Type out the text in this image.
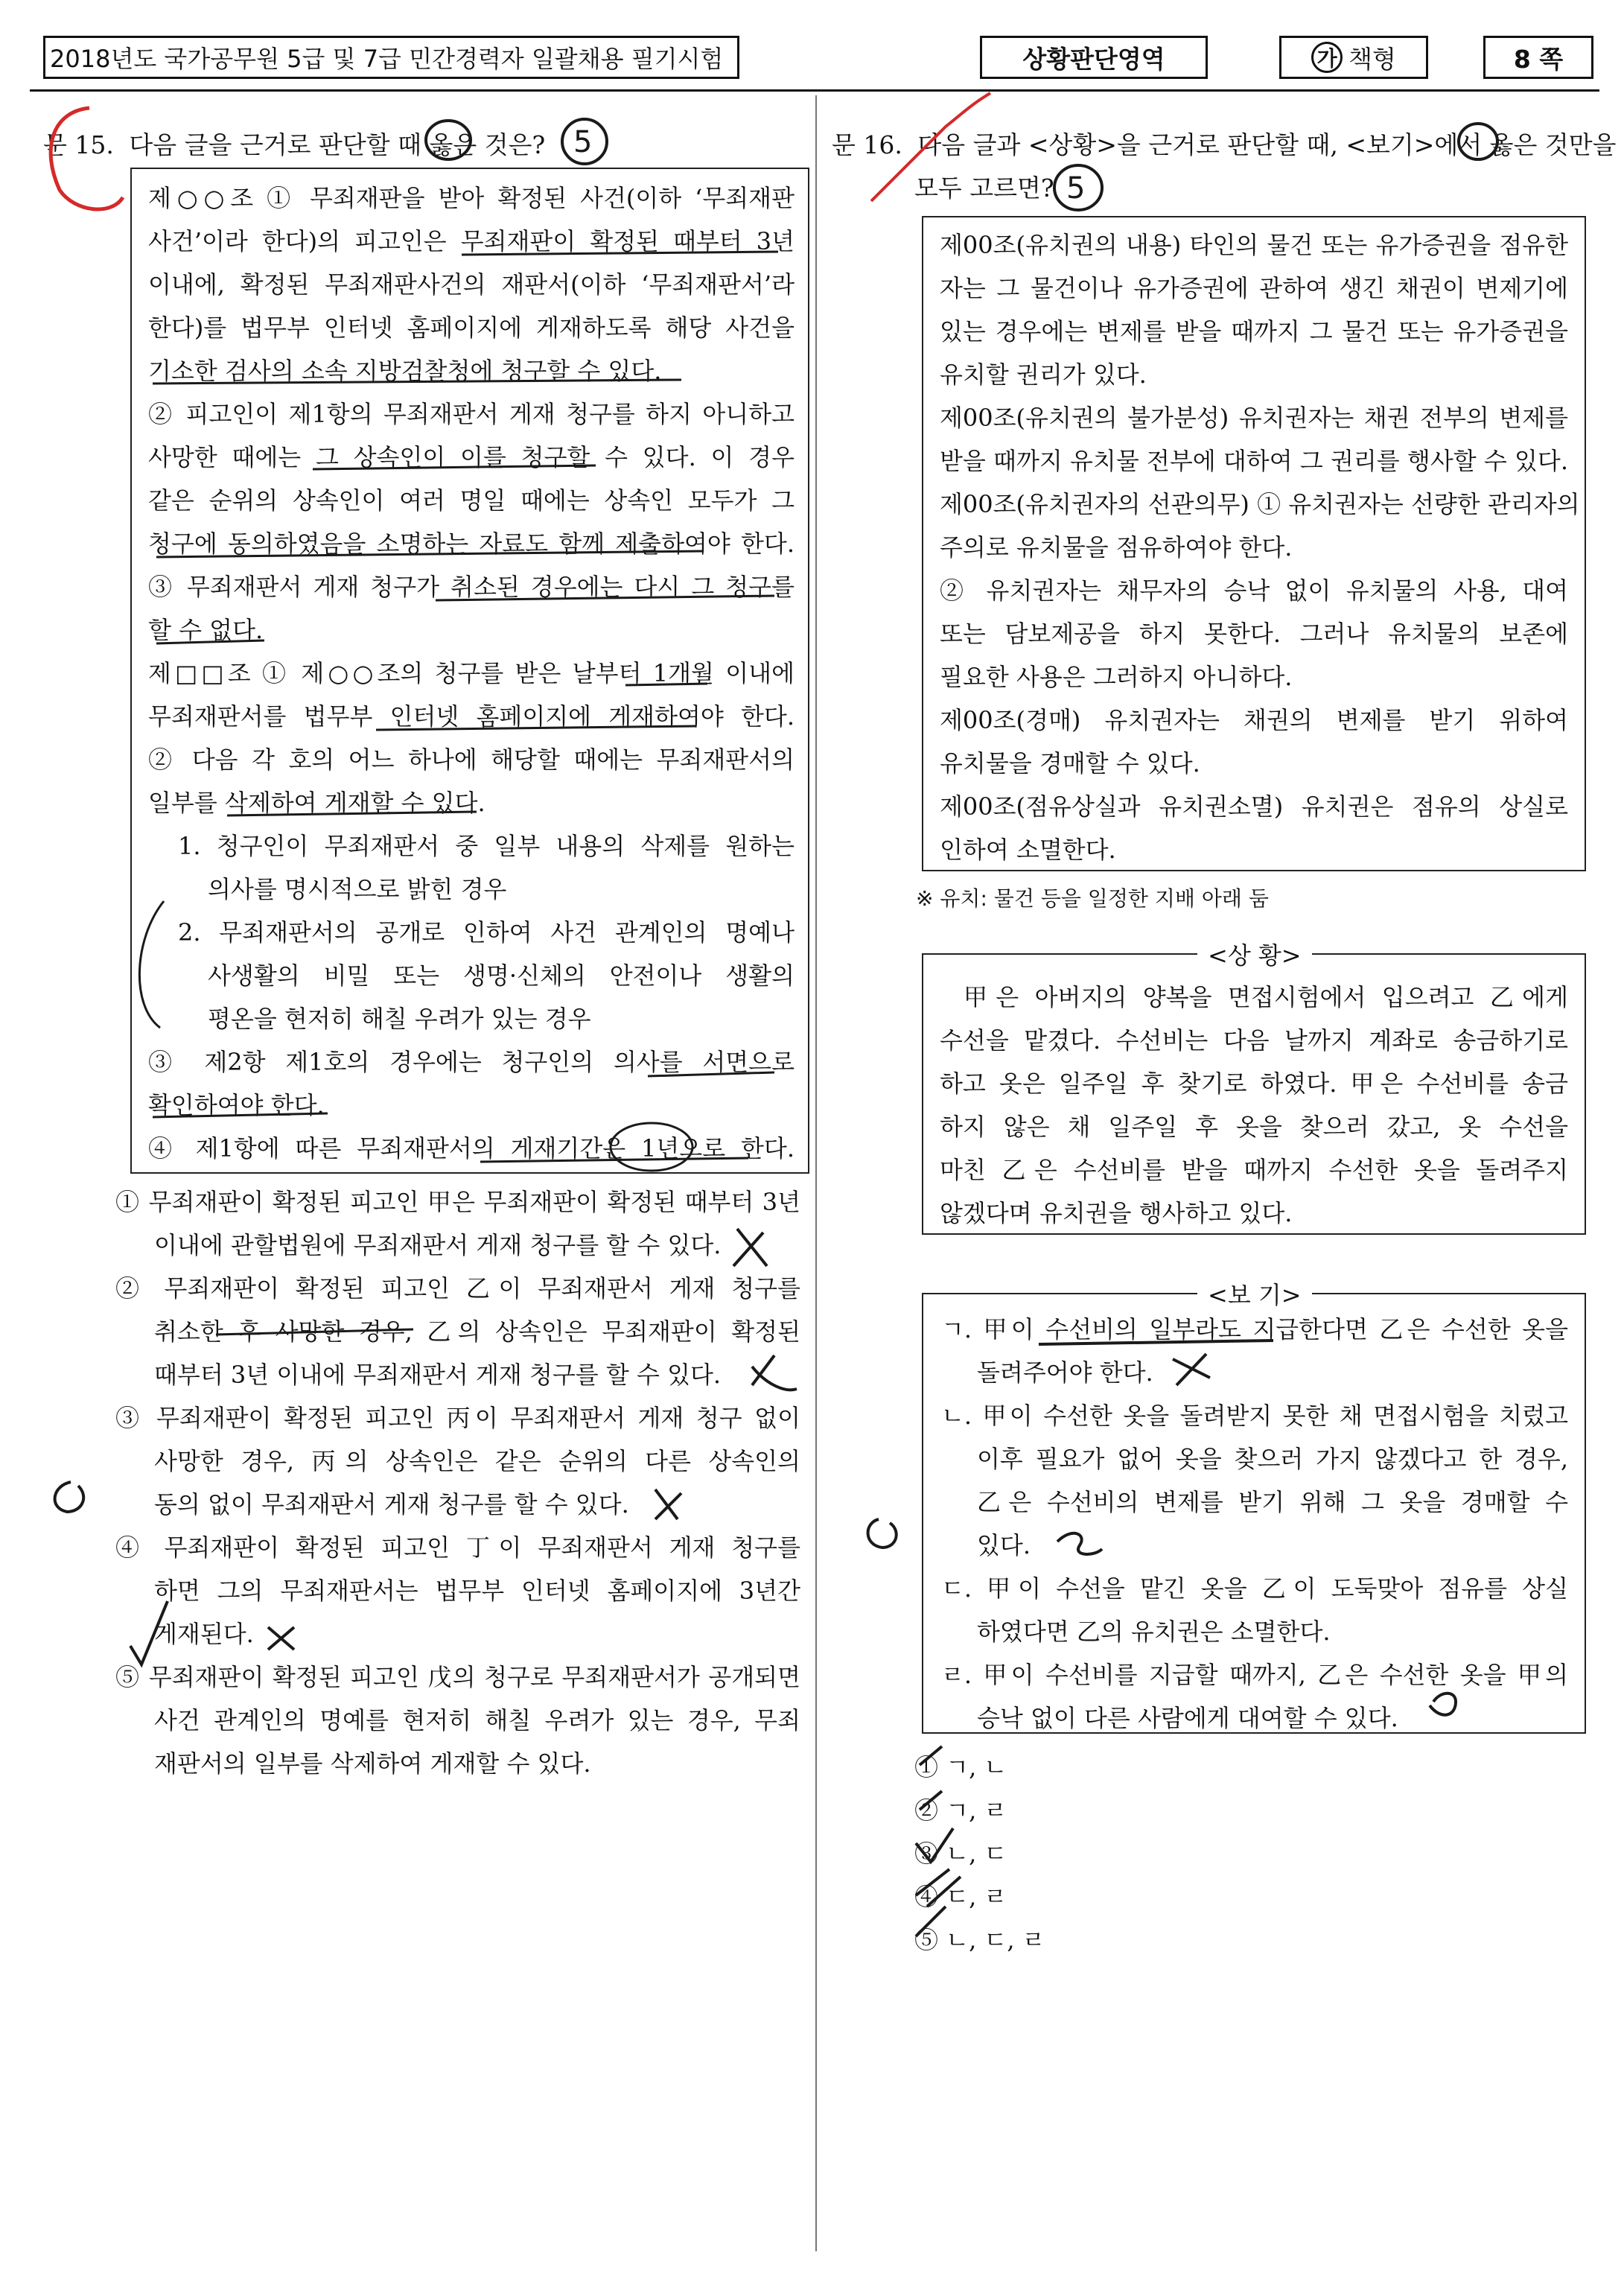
2018년도 국가공무원 5급 및 7급 민간경력자 일괄채용 필기시험	상황판단영역	가 책형	8 쪽
문 15. 다음 글을 근거로 판단할 때 옳은 것은?
제○○조 ① 무죄재판을 받아 확정된 사건(이하 ‘무죄재판
사건’이라 한다)의 피고인은 무죄재판이 확정된 때부터 3년
이내에, 확정된 무죄재판사건의 재판서(이하 ‘무죄재판서’라
한다)를 법무부 인터넷 홈페이지에 게재하도록 해당 사건을
기소한 검사의 소속 지방검찰청에 청구할 수 있다.
② 피고인이 제1항의 무죄재판서 게재 청구를 하지 아니하고
사망한 때에는 그 상속인이 이를 청구할 수 있다. 이 경우
같은 순위의 상속인이 여러 명일 때에는 상속인 모두가 그
청구에 동의하였음을 소명하는 자료도 함께 제출하여야 한다.
③ 무죄재판서 게재 청구가 취소된 경우에는 다시 그 청구를
할 수 없다.
제□□조 ① 제○○조의 청구를 받은 날부터 1개월 이내에
무죄재판서를 법무부 인터넷 홈페이지에 게재하여야 한다.
② 다음 각 호의 어느 하나에 해당할 때에는 무죄재판서의
일부를 삭제하여 게재할 수 있다.
1. 청구인이 무죄재판서 중 일부 내용의 삭제를 원하는
의사를 명시적으로 밝힌 경우
2. 무죄재판서의 공개로 인하여 사건 관계인의 명예나
사생활의 비밀 또는 생명·신체의 안전이나 생활의
평온을 현저히 해칠 우려가 있는 경우
③ 제2항 제1호의 경우에는 청구인의 의사를 서면으로
확인하여야 한다.
④ 제1항에 따른 무죄재판서의 게재기간은 1년으로 한다.
① 무죄재판이 확정된 피고인 甲은 무죄재판이 확정된 때부터 3년
이내에 관할법원에 무죄재판서 게재 청구를 할 수 있다.
② 무죄재판이 확정된 피고인 乙이 무죄재판서 게재 청구를
취소한 후 사망한 경우, 乙의 상속인은 무죄재판이 확정된
때부터 3년 이내에 무죄재판서 게재 청구를 할 수 있다.
③ 무죄재판이 확정된 피고인 丙이 무죄재판서 게재 청구 없이
사망한 경우, 丙의 상속인은 같은 순위의 다른 상속인의
동의 없이 무죄재판서 게재 청구를 할 수 있다.
④ 무죄재판이 확정된 피고인 丁이 무죄재판서 게재 청구를
하면 그의 무죄재판서는 법무부 인터넷 홈페이지에 3년간
게재된다.
⑤ 무죄재판이 확정된 피고인 戊의 청구로 무죄재판서가 공개되면
사건 관계인의 명예를 현저히 해칠 우려가 있는 경우, 무죄
재판서의 일부를 삭제하여 게재할 수 있다.
문 16. 다음 글과 <상황>을 근거로 판단할 때, <보기>에서 옳은 것만을
모두 고르면?
제00조(유치권의 내용) 타인의 물건 또는 유가증권을 점유한
자는 그 물건이나 유가증권에 관하여 생긴 채권이 변제기에
있는 경우에는 변제를 받을 때까지 그 물건 또는 유가증권을
유치할 권리가 있다.
제00조(유치권의 불가분성) 유치권자는 채권 전부의 변제를
받을 때까지 유치물 전부에 대하여 그 권리를 행사할 수 있다.
제00조(유치권자의 선관의무) ① 유치권자는 선량한 관리자의
주의로 유치물을 점유하여야 한다.
② 유치권자는 채무자의 승낙 없이 유치물의 사용, 대여
또는 담보제공을 하지 못한다. 그러나 유치물의 보존에
필요한 사용은 그러하지 아니하다.
제00조(경매) 유치권자는 채권의 변제를 받기 위하여
유치물을 경매할 수 있다.
제00조(점유상실과 유치권소멸) 유치권은 점유의 상실로
인하여 소멸한다.
※ 유치: 물건 등을 일정한 지배 아래 둠
<상 황>
甲은 아버지의 양복을 면접시험에서 입으려고 乙에게
수선을 맡겼다. 수선비는 다음 날까지 계좌로 송금하기로
하고 옷은 일주일 후 찾기로 하였다. 甲은 수선비를 송금
하지 않은 채 일주일 후 옷을 찾으러 갔고, 옷 수선을
마친 乙은 수선비를 받을 때까지 수선한 옷을 돌려주지
않겠다며 유치권을 행사하고 있다.
<보 기>
ㄱ. 甲이 수선비의 일부라도 지급한다면 乙은 수선한 옷을
돌려주어야 한다.
ㄴ. 甲이 수선한 옷을 돌려받지 못한 채 면접시험을 치렀고
이후 필요가 없어 옷을 찾으러 가지 않겠다고 한 경우,
乙은 수선비의 변제를 받기 위해 그 옷을 경매할 수
있다.
ㄷ. 甲이 수선을 맡긴 옷을 乙이 도둑맞아 점유를 상실
하였다면 乙의 유치권은 소멸한다.
ㄹ. 甲이 수선비를 지급할 때까지, 乙은 수선한 옷을 甲의
승낙 없이 다른 사람에게 대여할 수 있다.
① ㄱ, ㄴ
② ㄱ, ㄹ
③ ㄴ, ㄷ
④ ㄷ, ㄹ
⑤ ㄴ, ㄷ, ㄹ
5
5
